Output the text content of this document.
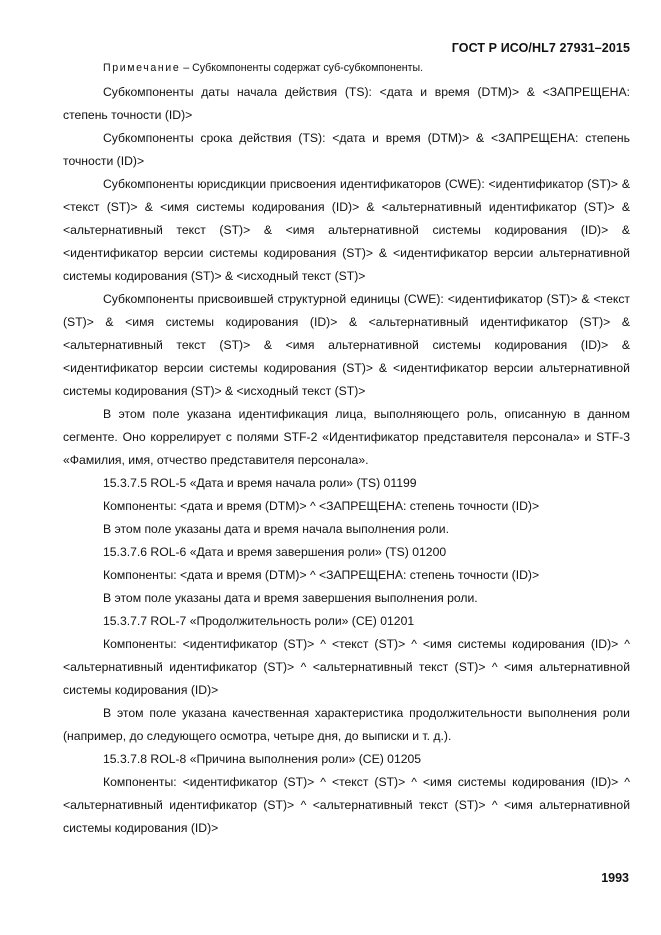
ГОСТ Р ИСО/HL7 27931–2015

Примечание – Субкомпоненты содержат суб-субкомпоненты.

Субкомпоненты даты начала действия (TS): <дата и время (DTM)> & <ЗАПРЕЩЕНА: степень точности (ID)>

Субкомпоненты срока действия (TS): <дата и время (DTM)> & <ЗАПРЕЩЕНА: степень точности (ID)>

Субкомпоненты юрисдикции присвоения идентификаторов (CWE): <идентификатор (ST)> & <текст (ST)> & <имя системы кодирования (ID)> & <альтернативный идентификатор (ST)> & <альтернативный текст (ST)> & <имя альтернативной системы кодирования (ID)> & <идентификатор версии системы кодирования (ST)> & <идентификатор версии альтернативной системы кодирования (ST)> & <исходный текст (ST)>

Субкомпоненты присвоившей структурной единицы (CWE): <идентификатор (ST)> & <текст (ST)> & <имя системы кодирования (ID)> & <альтернативный идентификатор (ST)> & <альтернативный текст (ST)> & <имя альтернативной системы кодирования (ID)> & <идентификатор версии системы кодирования (ST)> & <идентификатор версии альтернативной системы кодирования (ST)> & <исходный текст (ST)>

В этом поле указана идентификация лица, выполняющего роль, описанную в данном сегменте. Оно коррелирует с полями STF-2 «Идентификатор представителя персонала» и STF-3 «Фамилия, имя, отчество представителя персонала».

15.3.7.5 ROL-5 «Дата и время начала роли» (TS) 01199

Компоненты: <дата и время (DTM)> ^ <ЗАПРЕЩЕНА: степень точности (ID)>

В этом поле указаны дата и время начала выполнения роли.

15.3.7.6 ROL-6 «Дата и время завершения роли» (TS) 01200

Компоненты: <дата и время (DTM)> ^ <ЗАПРЕЩЕНА: степень точности (ID)>

В этом поле указаны дата и время завершения выполнения роли.

15.3.7.7 ROL-7 «Продолжительность роли» (CE) 01201

Компоненты: <идентификатор (ST)> ^ <текст (ST)> ^ <имя системы кодирования (ID)> ^ <альтернативный идентификатор (ST)> ^ <альтернативный текст (ST)> ^ <имя альтернативной системы кодирования (ID)>

В этом поле указана качественная характеристика продолжительности выполнения роли (например, до следующего осмотра, четыре дня, до выписки и т. д.).

15.3.7.8 ROL-8 «Причина выполнения роли» (CE) 01205

Компоненты: <идентификатор (ST)> ^ <текст (ST)> ^ <имя системы кодирования (ID)> ^ <альтернативный идентификатор (ST)> ^ <альтернативный текст (ST)> ^ <имя альтернативной системы кодирования (ID)>

1993
